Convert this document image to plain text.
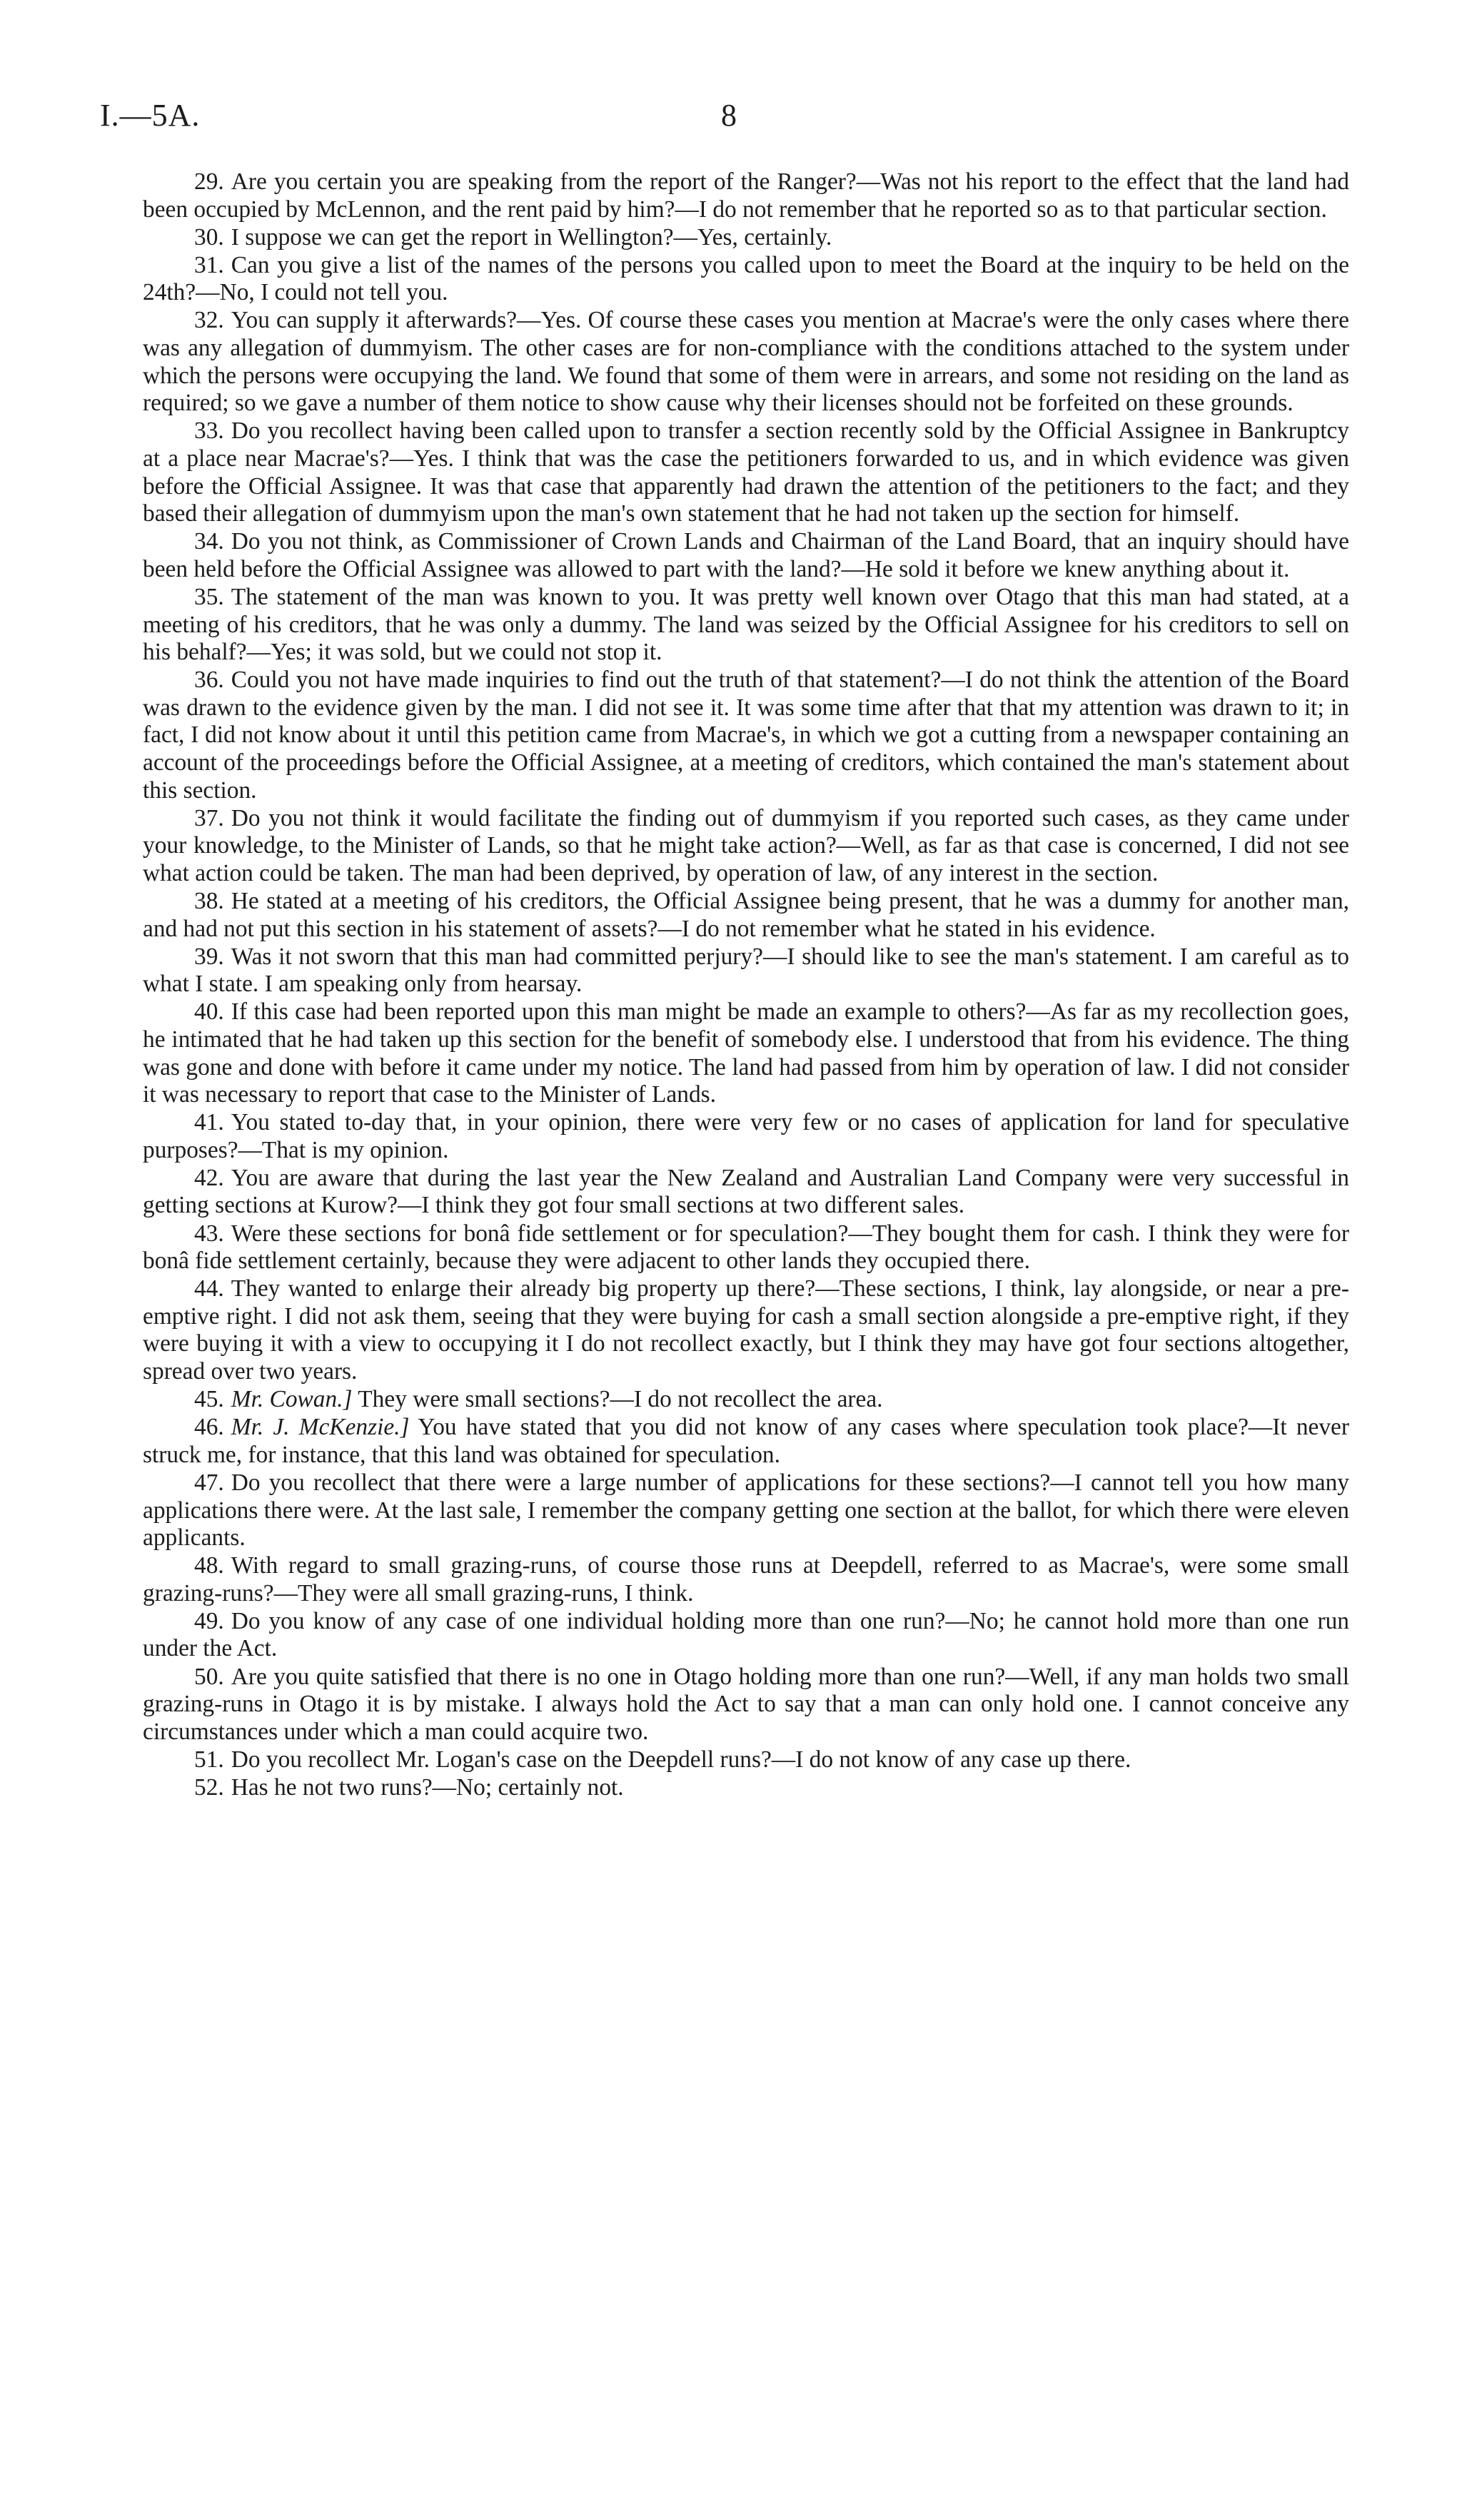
I.—5A.	8

29. Are you certain you are speaking from the report of the Ranger?—Was not his report to the effect that the land had been occupied by McLennon, and the rent paid by him?—I do not remember that he reported so as to that particular section.

30. I suppose we can get the report in Wellington?—Yes, certainly.

31. Can you give a list of the names of the persons you called upon to meet the Board at the inquiry to be held on the 24th?—No, I could not tell you.

32. You can supply it afterwards?—Yes. Of course these cases you mention at Macrae's were the only cases where there was any allegation of dummyism. The other cases are for non-compliance with the conditions attached to the system under which the persons were occupying the land. We found that some of them were in arrears, and some not residing on the land as required; so we gave a number of them notice to show cause why their licenses should not be forfeited on these grounds.

33. Do you recollect having been called upon to transfer a section recently sold by the Official Assignee in Bankruptcy at a place near Macrae's?—Yes. I think that was the case the petitioners forwarded to us, and in which evidence was given before the Official Assignee. It was that case that apparently had drawn the attention of the petitioners to the fact; and they based their allegation of dummyism upon the man's own statement that he had not taken up the section for himself.

34. Do you not think, as Commissioner of Crown Lands and Chairman of the Land Board, that an inquiry should have been held before the Official Assignee was allowed to part with the land?—He sold it before we knew anything about it.

35. The statement of the man was known to you. It was pretty well known over Otago that this man had stated, at a meeting of his creditors, that he was only a dummy. The land was seized by the Official Assignee for his creditors to sell on his behalf?—Yes; it was sold, but we could not stop it.

36. Could you not have made inquiries to find out the truth of that statement?—I do not think the attention of the Board was drawn to the evidence given by the man. I did not see it. It was some time after that that my attention was drawn to it; in fact, I did not know about it until this petition came from Macrae's, in which we got a cutting from a newspaper containing an account of the proceedings before the Official Assignee, at a meeting of creditors, which contained the man's statement about this section.

37. Do you not think it would facilitate the finding out of dummyism if you reported such cases, as they came under your knowledge, to the Minister of Lands, so that he might take action?—Well, as far as that case is concerned, I did not see what action could be taken. The man had been deprived, by operation of law, of any interest in the section.

38. He stated at a meeting of his creditors, the Official Assignee being present, that he was a dummy for another man, and had not put this section in his statement of assets?—I do not remember what he stated in his evidence.

39. Was it not sworn that this man had committed perjury?—I should like to see the man's statement. I am careful as to what I state. I am speaking only from hearsay.

40. If this case had been reported upon this man might be made an example to others?—As far as my recollection goes, he intimated that he had taken up this section for the benefit of somebody else. I understood that from his evidence. The thing was gone and done with before it came under my notice. The land had passed from him by operation of law. I did not consider it was necessary to report that case to the Minister of Lands.

41. You stated to-day that, in your opinion, there were very few or no cases of application for land for speculative purposes?—That is my opinion.

42. You are aware that during the last year the New Zealand and Australian Land Company were very successful in getting sections at Kurow?—I think they got four small sections at two different sales.

43. Were these sections for bonâ fide settlement or for speculation?—They bought them for cash. I think they were for bonâ fide settlement certainly, because they were adjacent to other lands they occupied there.

44. They wanted to enlarge their already big property up there?—These sections, I think, lay alongside, or near a pre-emptive right. I did not ask them, seeing that they were buying for cash a small section alongside a pre-emptive right, if they were buying it with a view to occupying it I do not recollect exactly, but I think they may have got four sections altogether, spread over two years.

45. Mr. Cowan.] They were small sections?—I do not recollect the area.

46. Mr. J. McKenzie.] You have stated that you did not know of any cases where speculation took place?—It never struck me, for instance, that this land was obtained for speculation.

47. Do you recollect that there were a large number of applications for these sections?—I cannot tell you how many applications there were. At the last sale, I remember the company getting one section at the ballot, for which there were eleven applicants.

48. With regard to small grazing-runs, of course those runs at Deepdell, referred to as Macrae's, were some small grazing-runs?—They were all small grazing-runs, I think.

49. Do you know of any case of one individual holding more than one run?—No; he cannot hold more than one run under the Act.

50. Are you quite satisfied that there is no one in Otago holding more than one run?—Well, if any man holds two small grazing-runs in Otago it is by mistake. I always hold the Act to say that a man can only hold one. I cannot conceive any circumstances under which a man could acquire two.

51. Do you recollect Mr. Logan's case on the Deepdell runs?—I do not know of any case up there.

52. Has he not two runs?—No; certainly not.
